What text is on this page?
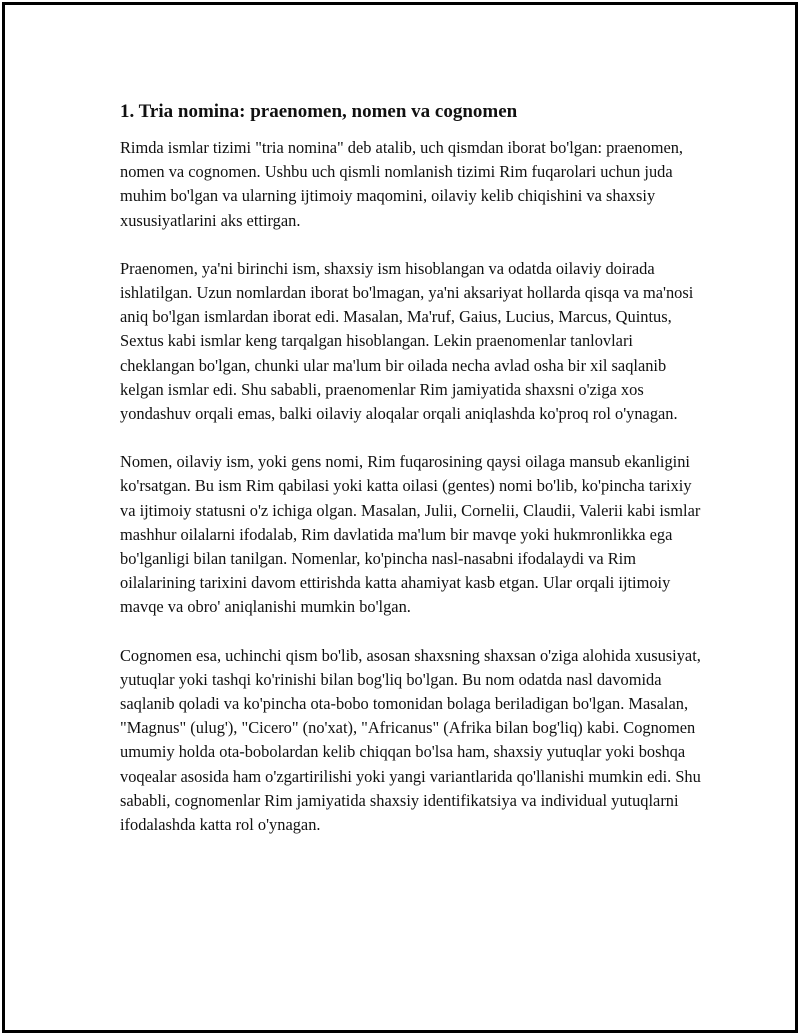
1. Tria nomina: praenomen, nomen va cognomen

Rimda ismlar tizimi "tria nomina" deb atalib, uch qismdan iborat bo'lgan: praenomen, nomen va cognomen. Ushbu uch qismli nomlanish tizimi Rim fuqarolari uchun juda muhim bo'lgan va ularning ijtimoiy maqomini, oilaviy kelib chiqishini va shaxsiy xususiyatlarini aks ettirgan.

Praenomen, ya'ni birinchi ism, shaxsiy ism hisoblangan va odatda oilaviy doirada ishlatilgan. Uzun nomlardan iborat bo'lmagan, ya'ni aksariyat hollarda qisqa va ma'nosi aniq bo'lgan ismlardan iborat edi. Masalan, Ma'ruf, Gaius, Lucius, Marcus, Quintus, Sextus kabi ismlar keng tarqalgan hisoblangan. Lekin praenomenlar tanlovlari cheklangan bo'lgan, chunki ular ma'lum bir oilada necha avlad osha bir xil saqlanib kelgan ismlar edi. Shu sababli, praenomenlar Rim jamiyatida shaxsni o'ziga xos yondashuv orqali emas, balki oilaviy aloqalar orqali aniqlashda ko'proq rol o'ynagan.

Nomen, oilaviy ism, yoki gens nomi, Rim fuqarosining qaysi oilaga mansub ekanligini ko'rsatgan. Bu ism Rim qabilasi yoki katta oilasi (gentes) nomi bo'lib, ko'pincha tarixiy va ijtimoiy statusni o'z ichiga olgan. Masalan, Julii, Cornelii, Claudii, Valerii kabi ismlar mashhur oilalarni ifodalab, Rim davlatida ma'lum bir mavqe yoki hukmronlikka ega bo'lganligi bilan tanilgan. Nomenlar, ko'pincha nasl-nasabni ifodalaydi va Rim oilalarining tarixini davom ettirishda katta ahamiyat kasb etgan. Ular orqali ijtimoiy mavqe va obro' aniqlanishi mumkin bo'lgan.

Cognomen esa, uchinchi qism bo'lib, asosan shaxsning shaxsan o'ziga alohida xususiyat, yutuqlar yoki tashqi ko'rinishi bilan bog'liq bo'lgan. Bu nom odatda nasl davomida saqlanib qoladi va ko'pincha ota-bobo tomonidan bolaga beriladigan bo'lgan. Masalan, "Magnus" (ulug'), "Cicero" (no'xat), "Africanus" (Afrika bilan bog'liq) kabi. Cognomen umumiy holda ota-bobolardan kelib chiqqan bo'lsa ham, shaxsiy yutuqlar yoki boshqa voqealar asosida ham o'zgartirilishi yoki yangi variantlarida qo'llanishi mumkin edi. Shu sababli, cognomenlar Rim jamiyatida shaxsiy identifikatsiya va individual yutuqlarni ifodalashda katta rol o'ynagan.
